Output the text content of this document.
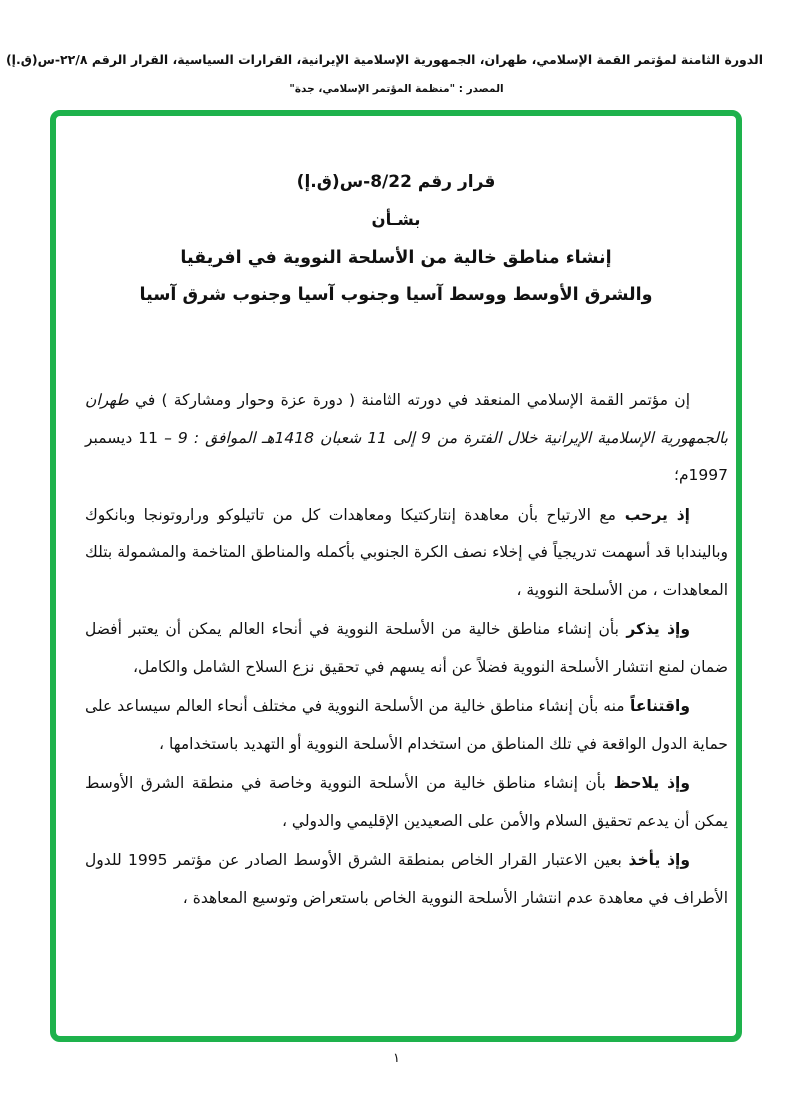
الدورة الثامنة لمؤتمر القمة الإسلامي، طهران، الجمهورية الإسلامية الإيرانية، القرارات السياسية، القرار الرقم ٢٢/٨-س(ق.إ)
المصدر : "منظمة المؤتمر الإسلامي، جدة"
قرار رقم 8/22-س(ق.إ)
بشـأن
إنشاء مناطق خالية من الأسلحة النووية في افريقيا
والشرق الأوسط ووسط آسيا وجنوب آسيا وجنوب شرق آسيا

إن مؤتمر القمة الإسلامي المنعقد في دورته الثامنة ( دورة عزة وحوار ومشاركة ) في طهران بالجمهورية الإسلامية الإيرانية خلال الفترة من 9 إلى 11 شعبان 1418هـ الموافق : 9 – 11 ديسمبر 1997م؛

إذ يرحب مع الارتياح بأن معاهدة إنتاركتيكا ومعاهدات كل من تاتيلوكو وراروتونجا وبانكوك وباليندابا قد أسهمت تدريجياً في إخلاء نصف الكرة الجنوبي بأكمله والمناطق المتاخمة والمشمولة بتلك المعاهدات ، من الأسلحة النووية ،

وإذ يذكر بأن إنشاء مناطق خالية من الأسلحة النووية في أنحاء العالم يمكن أن يعتبر أفضل ضمان لمنع انتشار الأسلحة النووية فضلاً عن أنه يسهم في تحقيق نزع السلاح الشامل والكامل،

واقتناعاً منه بأن إنشاء مناطق خالية من الأسلحة النووية في مختلف أنحاء العالم سيساعد على حماية الدول الواقعة في تلك المناطق من استخدام الأسلحة النووية أو التهديد باستخدامها ،

وإذ يلاحظ بأن إنشاء مناطق خالية من الأسلحة النووية وخاصة في منطقة الشرق الأوسط يمكن أن يدعم تحقيق السلام والأمن على الصعيدين الإقليمي والدولي ،

وإذ يأخذ بعين الاعتبار القرار الخاص بمنطقة الشرق الأوسط الصادر عن مؤتمر 1995 للدول الأطراف في معاهدة عدم انتشار الأسلحة النووية الخاص باستعراض وتوسيع المعاهدة ،

١
